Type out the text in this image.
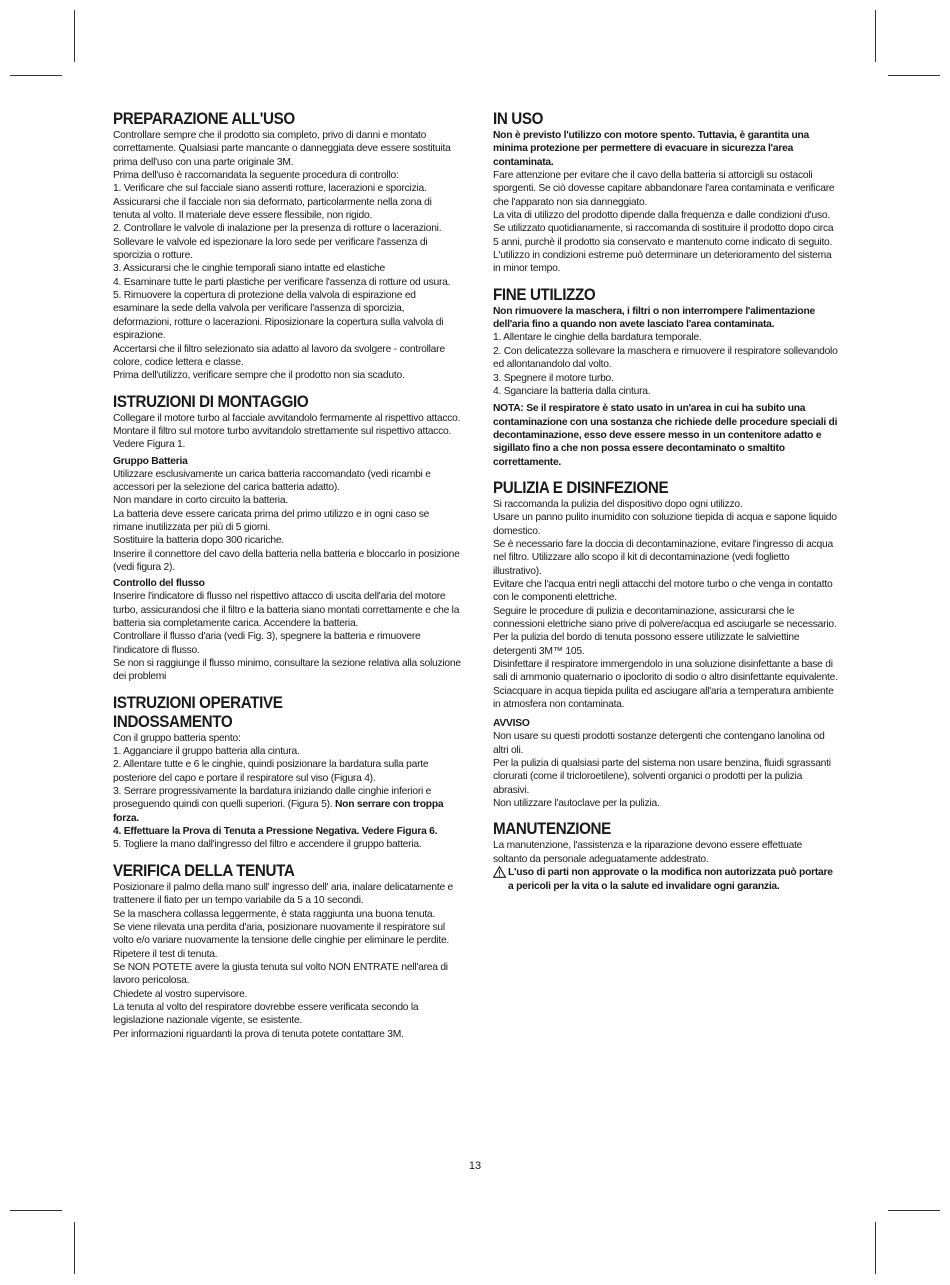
PREPARAZIONE ALL'USO

Controllare sempre che il prodotto sia completo, privo di danni e montato correttamente. Qualsiasi parte mancante o danneggiata deve essere sostituita prima dell'uso con una parte originale 3M.

Prima dell'uso è raccomandata la seguente procedura di controllo:

1. Verificare che sul facciale siano assenti rotture, lacerazioni e sporcizia. Assicurarsi che il facciale non sia deformato, particolarmente nella zona di tenuta al volto. Il materiale deve essere flessibile, non rigido.

2. Controllare le valvole di inalazione per la presenza di rotture o lacerazioni. Sollevare le valvole ed ispezionare la loro sede per verificare l'assenza di sporcizia o rotture.

3. Assicurarsi che le cinghie temporali siano intatte ed elastiche

4. Esaminare tutte le parti plastiche per verificare l'assenza di rotture od usura.

5. Rimuovere la copertura di protezione della valvola di espirazione ed esaminare la sede della valvola per verificare l'assenza di sporcizia, deformazioni, rotture o lacerazioni. Riposizionare la copertura sulla valvola di espirazione.

Accertarsi che il filtro selezionato sia adatto al lavoro da svolgere - controllare colore, codice lettera e classe.

Prima dell'utilizzo, verificare sempre che il prodotto non sia scaduto.

ISTRUZIONI DI MONTAGGIO

Collegare il motore turbo al facciale avvitandolo fermamente al rispettivo attacco.

Montare il filtro sul motore turbo avvitandolo strettamente sul rispettivo attacco. Vedere Figura 1.

Gruppo Batteria

Utilizzare esclusivamente un carica batteria raccomandato (vedi ricambi e accessori per la selezione del carica batteria adatto).

Non mandare in corto circuito la batteria.

La batteria deve essere caricata prima del primo utilizzo e in ogni caso se rimane inutilizzata per più di 5 giorni.

Sostituire la batteria dopo 300 ricariche.

Inserire il connettore del cavo della batteria nella batteria e bloccarlo in posizione (vedi figura 2).

Controllo del flusso

Inserire l'indicatore di flusso nel rispettivo attacco di uscita dell'aria del motore turbo, assicurandosi che il filtro e la batteria siano montati correttamente e che la batteria sia completamente carica. Accendere la batteria.

Controllare il flusso d'aria (vedi Fig. 3), spegnere la batteria e rimuovere l'indicatore di flusso.

Se non si raggiunge il flusso minimo, consultare la sezione relativa alla soluzione dei problemi

ISTRUZIONI OPERATIVE
INDOSSAMENTO

Con il gruppo batteria spento:

1. Agganciare il gruppo batteria alla cintura.

2. Allentare tutte e 6 le cinghie, quindi posizionare la bardatura sulla parte posteriore del capo e portare il respiratore sul viso (Figura 4).

3. Serrare progressivamente la bardatura iniziando dalle cinghie inferiori e proseguendo quindi con quelli superiori. (Figura 5). Non serrare con troppa forza.

4. Effettuare la Prova di Tenuta a Pressione Negativa. Vedere Figura 6.

5. Togliere la mano dall'ingresso del filtro e accendere il gruppo batteria.

VERIFICA DELLA TENUTA

Posizionare il palmo della mano sull' ingresso dell' aria, inalare delicatamente e trattenere il fiato per un tempo variabile da 5 a 10 secondi.

Se la maschera collassa leggermente, è stata raggiunta una buona tenuta.

Se viene rilevata una perdita d'aria, posizionare nuovamente il respiratore sul volto e/o variare nuovamente la tensione delle cinghie per eliminare le perdite.

Ripetere il test di tenuta.

Se NON POTETE avere la giusta tenuta sul volto NON ENTRATE nell'area di lavoro pericolosa.

Chiedete al vostro supervisore.

La tenuta al volto del respiratore dovrebbe essere verificata secondo la legislazione nazionale vigente, se esistente.

Per informazioni riguardanti la prova di tenuta potete contattare 3M.

IN USO

Non è previsto l'utilizzo con motore spento. Tuttavia, è garantita una minima protezione per permettere di evacuare in sicurezza l'area contaminata.

Fare attenzione per evitare che il cavo della batteria si attorcigli su ostacoli sporgenti. Se ciò dovesse capitare abbandonare l'area contaminata e verificare che l'apparato non sia danneggiato.

La vita di utilizzo del prodotto dipende dalla frequenza e dalle condizioni d'uso.

Se utilizzato quotidianamente, si raccomanda di sostituire il prodotto dopo circa 5 anni, purchè il prodotto sia conservato e mantenuto come indicato di seguito.

L'utilizzo in condizioni estreme può determinare un deterioramento del sistema in minor tempo.

FINE UTILIZZO

Non rimuovere la maschera, i filtri o non interrompere l'alimentazione dell'aria fino a quando non avete lasciato l'area contaminata.

1. Allentare le cinghie della bardatura temporale.

2. Con delicatezza sollevare la maschera e rimuovere il respiratore sollevandolo ed allontanandolo dal volto.

3. Spegnere il motore turbo.

4. Sganciare la batteria dalla cintura.

NOTA: Se il respiratore è stato usato in un'area in cui ha subito una contaminazione con una sostanza che richiede delle procedure speciali di decontaminazione, esso deve essere messo in un contenitore adatto e sigillato fino a che non possa essere decontaminato o smaltito correttamente.

PULIZIA E DISINFEZIONE

Si raccomanda la pulizia del dispositivo dopo ogni utilizzo.

Usare un panno pulito inumidito con soluzione tiepida di acqua e sapone liquido domestico.

Se è necessario fare la doccia di decontaminazione, evitare l'ingresso di acqua nel filtro. Utilizzare allo scopo il kit di decontaminazione (vedi foglietto illustrativo).

Evitare che l'acqua entri negli attacchi del motore turbo o che venga in contatto con le componenti elettriche.

Seguire le procedure di pulizia e decontaminazione, assicurarsi che le connessioni elettriche siano prive di polvere/acqua ed asciugarle se necessario.

Per la pulizia del bordo di tenuta possono essere utilizzate le salviettine detergenti 3M™ 105.

Disinfettare il respiratore immergendolo in una soluzione disinfettante a base di sali di ammonio quaternario o ipoclorito di sodio o altro disinfettante equivalente.

Sciacquare in acqua tiepida pulita ed asciugare all'aria a temperatura ambiente in atmosfera non contaminata.

AVVISO

Non usare su questi prodotti sostanze detergenti che contengano lanolina od altri oli.

Per la pulizia di qualsiasi parte del sistema non usare benzina, fluidi sgrassanti clorurati (come il tricloroetilene), solventi organici o prodotti per la pulizia abrasivi.

Non utilizzare l'autoclave per la pulizia.

MANUTENZIONE

La manutenzione, l'assistenza e la riparazione devono essere effettuate soltanto da personale adeguatamente addestrato.

L'uso di parti non approvate o la modifica non autorizzata può portare a pericoli per la vita o la salute ed invalidare ogni garanzia.
13
